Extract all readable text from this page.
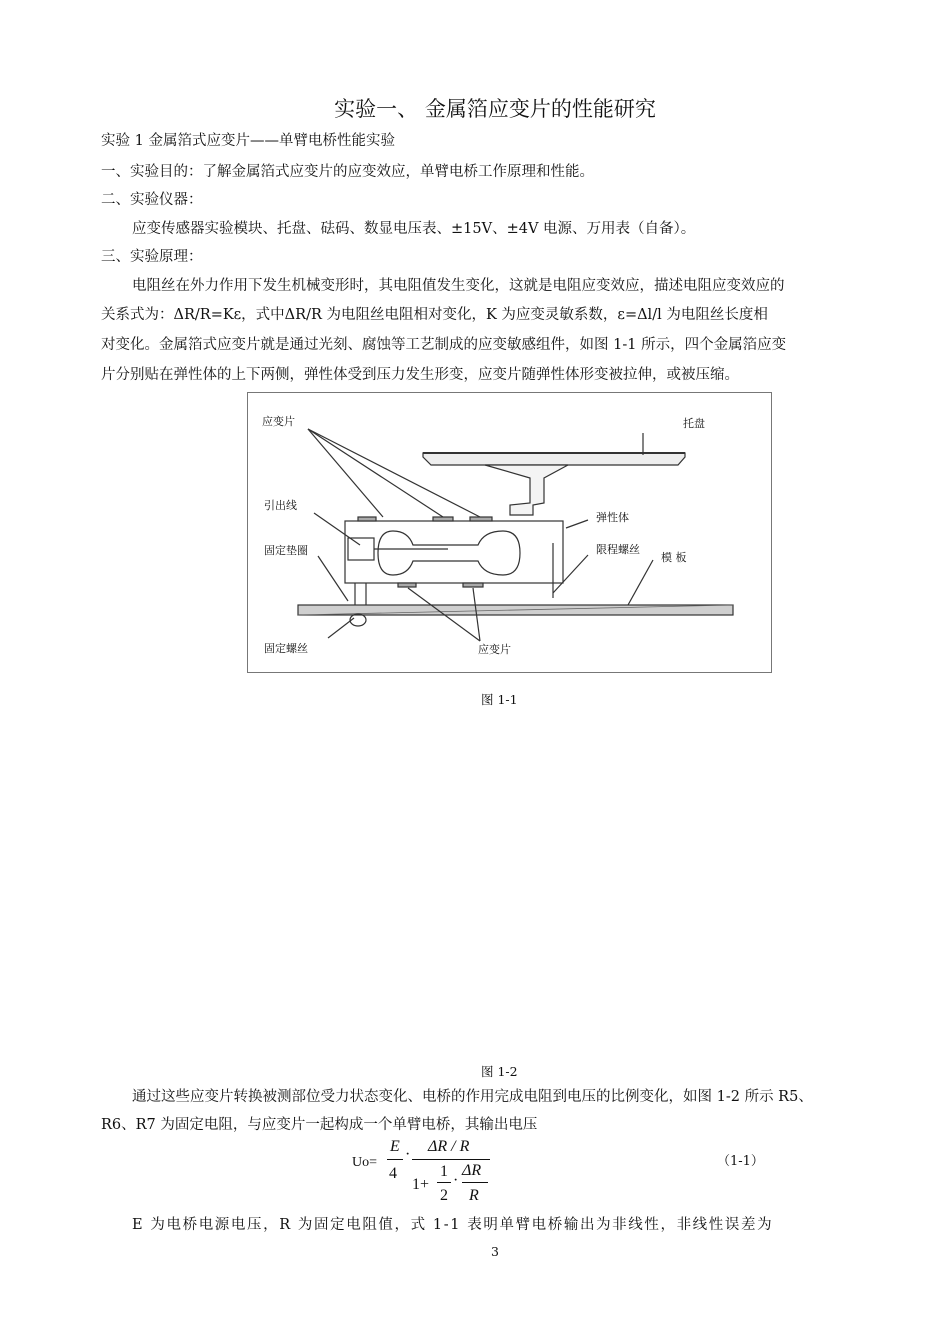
实验一、 金属箔应变片的性能研究
实验 1 金属箔式应变片——单臂电桥性能实验
一、实验目的：了解金属箔式应变片的应变效应，单臂电桥工作原理和性能。
二、实验仪器：
应变传感器实验模块、托盘、砝码、数显电压表、±15V、±4V 电源、万用表（自备）。
三、实验原理：
电阻丝在外力作用下发生机械变形时，其电阻值发生变化，这就是电阻应变效应，描述电阻应变效应的
关系式为：ΔR/R=Kε，式中ΔR/R 为电阻丝电阻相对变化，K 为应变灵敏系数，ε=Δl/l 为电阻丝长度相
对变化。金属箔式应变片就是通过光刻、腐蚀等工艺制成的应变敏感组件，如图 1-1 所示，四个金属箔应变
片分别贴在弹性体的上下两侧，弹性体受到压力发生形变，应变片随弹性体形变被拉伸，或被压缩。
应变片	托盘
引出线
弹性体
固定垫圈	限程螺丝
模 板
固定螺丝	应变片
图 1-1
图 1-2
通过这些应变片转换被测部位受力状态变化、电桥的作用完成电阻到电压的比例变化，如图 1-2 所示 R5、
R6、R7 为固定电阻，与应变片一起构成一个单臂电桥，其输出电压
Uo=
E
4
· ΔR / R
1+
1
2
·
ΔR
R
（1-1）
E 为电桥电源电压，R 为固定电阻值，式 1-1 表明单臂电桥输出为非线性，非线性误差为
3
